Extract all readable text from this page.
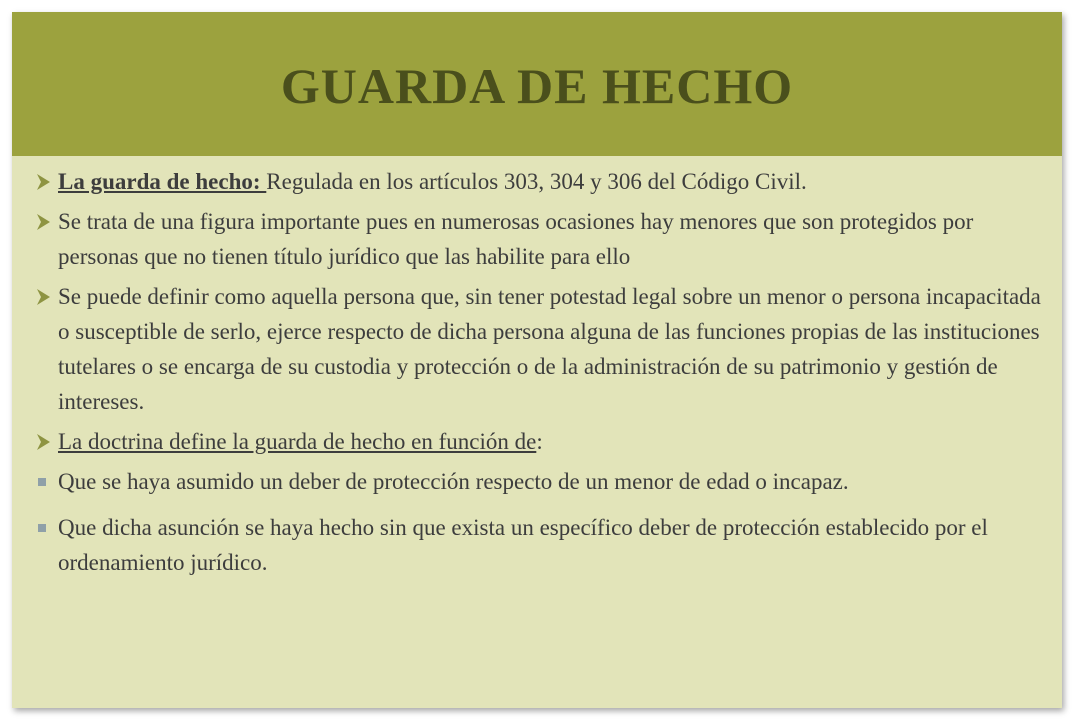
GUARDA DE HECHO
La guarda de hecho: Regulada en los artículos 303, 304 y 306 del Código Civil.
Se trata de una figura importante pues en numerosas ocasiones hay menores que son protegidos por personas que no tienen título jurídico que las habilite para ello
Se puede definir como aquella persona que, sin tener potestad legal sobre un menor o persona incapacitada o susceptible de serlo, ejerce respecto de dicha persona alguna de las funciones propias de las instituciones tutelares o se encarga de su custodia y protección o de la administración de su patrimonio y gestión de intereses.
La doctrina define la guarda de hecho en función de:
Que se haya asumido un deber de protección respecto de un menor de edad o incapaz.
Que dicha asunción se haya hecho sin que exista un específico deber de protección establecido por el ordenamiento jurídico.
